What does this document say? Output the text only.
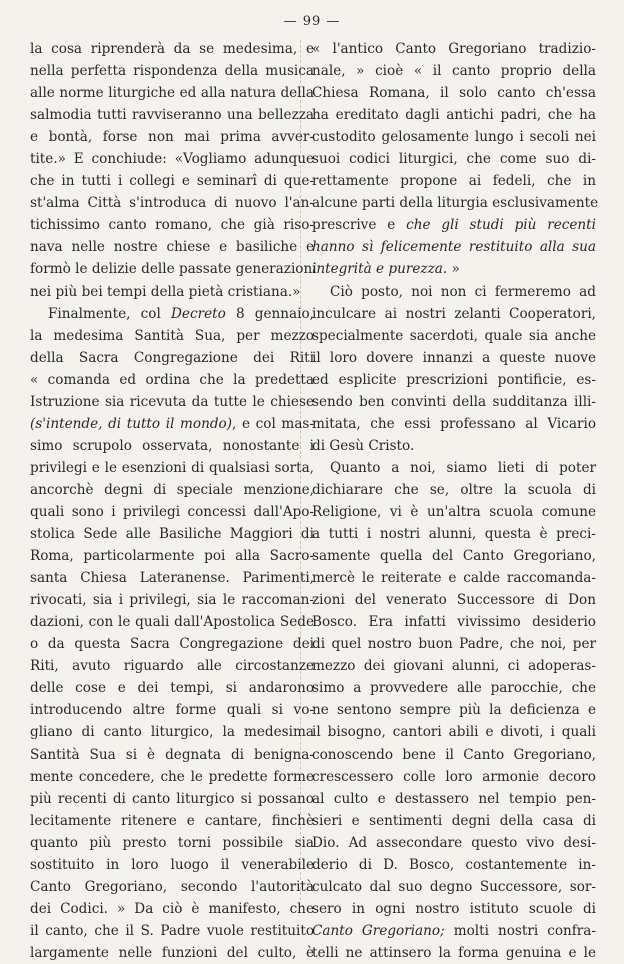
— 99 —
la cosa riprenderà da se medesima, e
nella perfetta rispondenza della musica
alle norme liturgiche ed alla natura della
salmodia tutti ravviseranno una bellezza
e bontà, forse non mai prima avver-
tite.» E conchiude: «Vogliamo adunque
che in tutti i collegi e seminarî di que-
st'alma Città s'introduca di nuovo l'an-
tichissimo canto romano, che già riso-
nava nelle nostre chiese e basiliche e
formò le delizie delle passate generazioni
nei più bei tempi della pietà cristiana.»
Finalmente, col Decreto 8 gennaio,
la medesima Santità Sua, per mezzo
della Sacra Congregazione dei Riti
« comanda ed ordina che la predetta
Istruzione sia ricevuta da tutte le chiese
(s'intende, di tutto il mondo), e col mas-
simo scrupolo osservata, nonostante i
privilegi e le esenzioni di qualsiasi sorta,
ancorchè degni di speciale menzione,
quali sono i privilegi concessi dall'Apo-
stolica Sede alle Basiliche Maggiori di
Roma, particolarmente poi alla Sacro-
santa Chiesa Lateranense. Parimenti,
rivocati, sia i privilegi, sia le raccoman-
dazioni, con le quali dall'Apostolica Sede
o da questa Sacra Congregazione dei
Riti, avuto riguardo alle circostanze
delle cose e dei tempi, si andarono
introducendo altre forme quali si vo-
gliano di canto liturgico, la medesima
Santità Sua si è degnata di benigna-
mente concedere, che le predette forme
più recenti di canto liturgico si possano
lecitamente ritenere e cantare, finchè
quanto più presto torni possibile sia
sostituito in loro luogo il venerabile
Canto Gregoriano, secondo l'autorità
dei Codici. » Da ciò è manifesto, che
il canto, che il S. Padre vuole restituito
largamente nelle funzioni del culto, è
« l'antico Canto Gregoriano tradizio-
nale, » cioè « il canto proprio della
Chiesa Romana, il solo canto ch'essa
ha ereditato dagli antichi padri, che ha
custodito gelosamente lungo i secoli nei
suoi codici liturgici, che come suo di-
rettamente propone ai fedeli, che in
alcune parti della liturgia esclusivamente
prescrive e che gli studi più recenti
hanno sì felicemente restituito alla sua
integrità e purezza. »
Ciò posto, noi non ci fermeremo ad
inculcare ai nostri zelanti Cooperatori,
specialmente sacerdoti, quale sia anche
il loro dovere innanzi a queste nuove
ed esplicite prescrizioni pontificie, es-
sendo ben convinti della sudditanza illi-
mitata, che essi professano al Vicario
di Gesù Cristo.
Quanto a noi, siamo lieti di poter
dichiarare che se, oltre la scuola di
Religione, vi è un'altra scuola comune
a tutti i nostri alunni, questa è preci-
samente quella del Canto Gregoriano,
mercè le reiterate e calde raccomanda-
zioni del venerato Successore di Don
Bosco. Era infatti vivissimo desiderio
di quel nostro buon Padre, che noi, per
mezzo dei giovani alunni, ci adoperas-
simo a provvedere alle parocchie, che
ne sentono sempre più la deficienza e
il bisogno, cantori abili e divoti, i quali
conoscendo bene il Canto Gregoriano,
crescessero colle loro armonie decoro
al culto e destassero nel tempio pen-
sieri e sentimenti degni della casa di
Dio. Ad assecondare questo vivo desi-
derio di D. Bosco, costantemente in-
culcato dal suo degno Successore, sor-
sero in ogni nostro istituto scuole di
Canto Gregoriano; molti nostri confra-
telli ne attinsero la forma genuina e le
